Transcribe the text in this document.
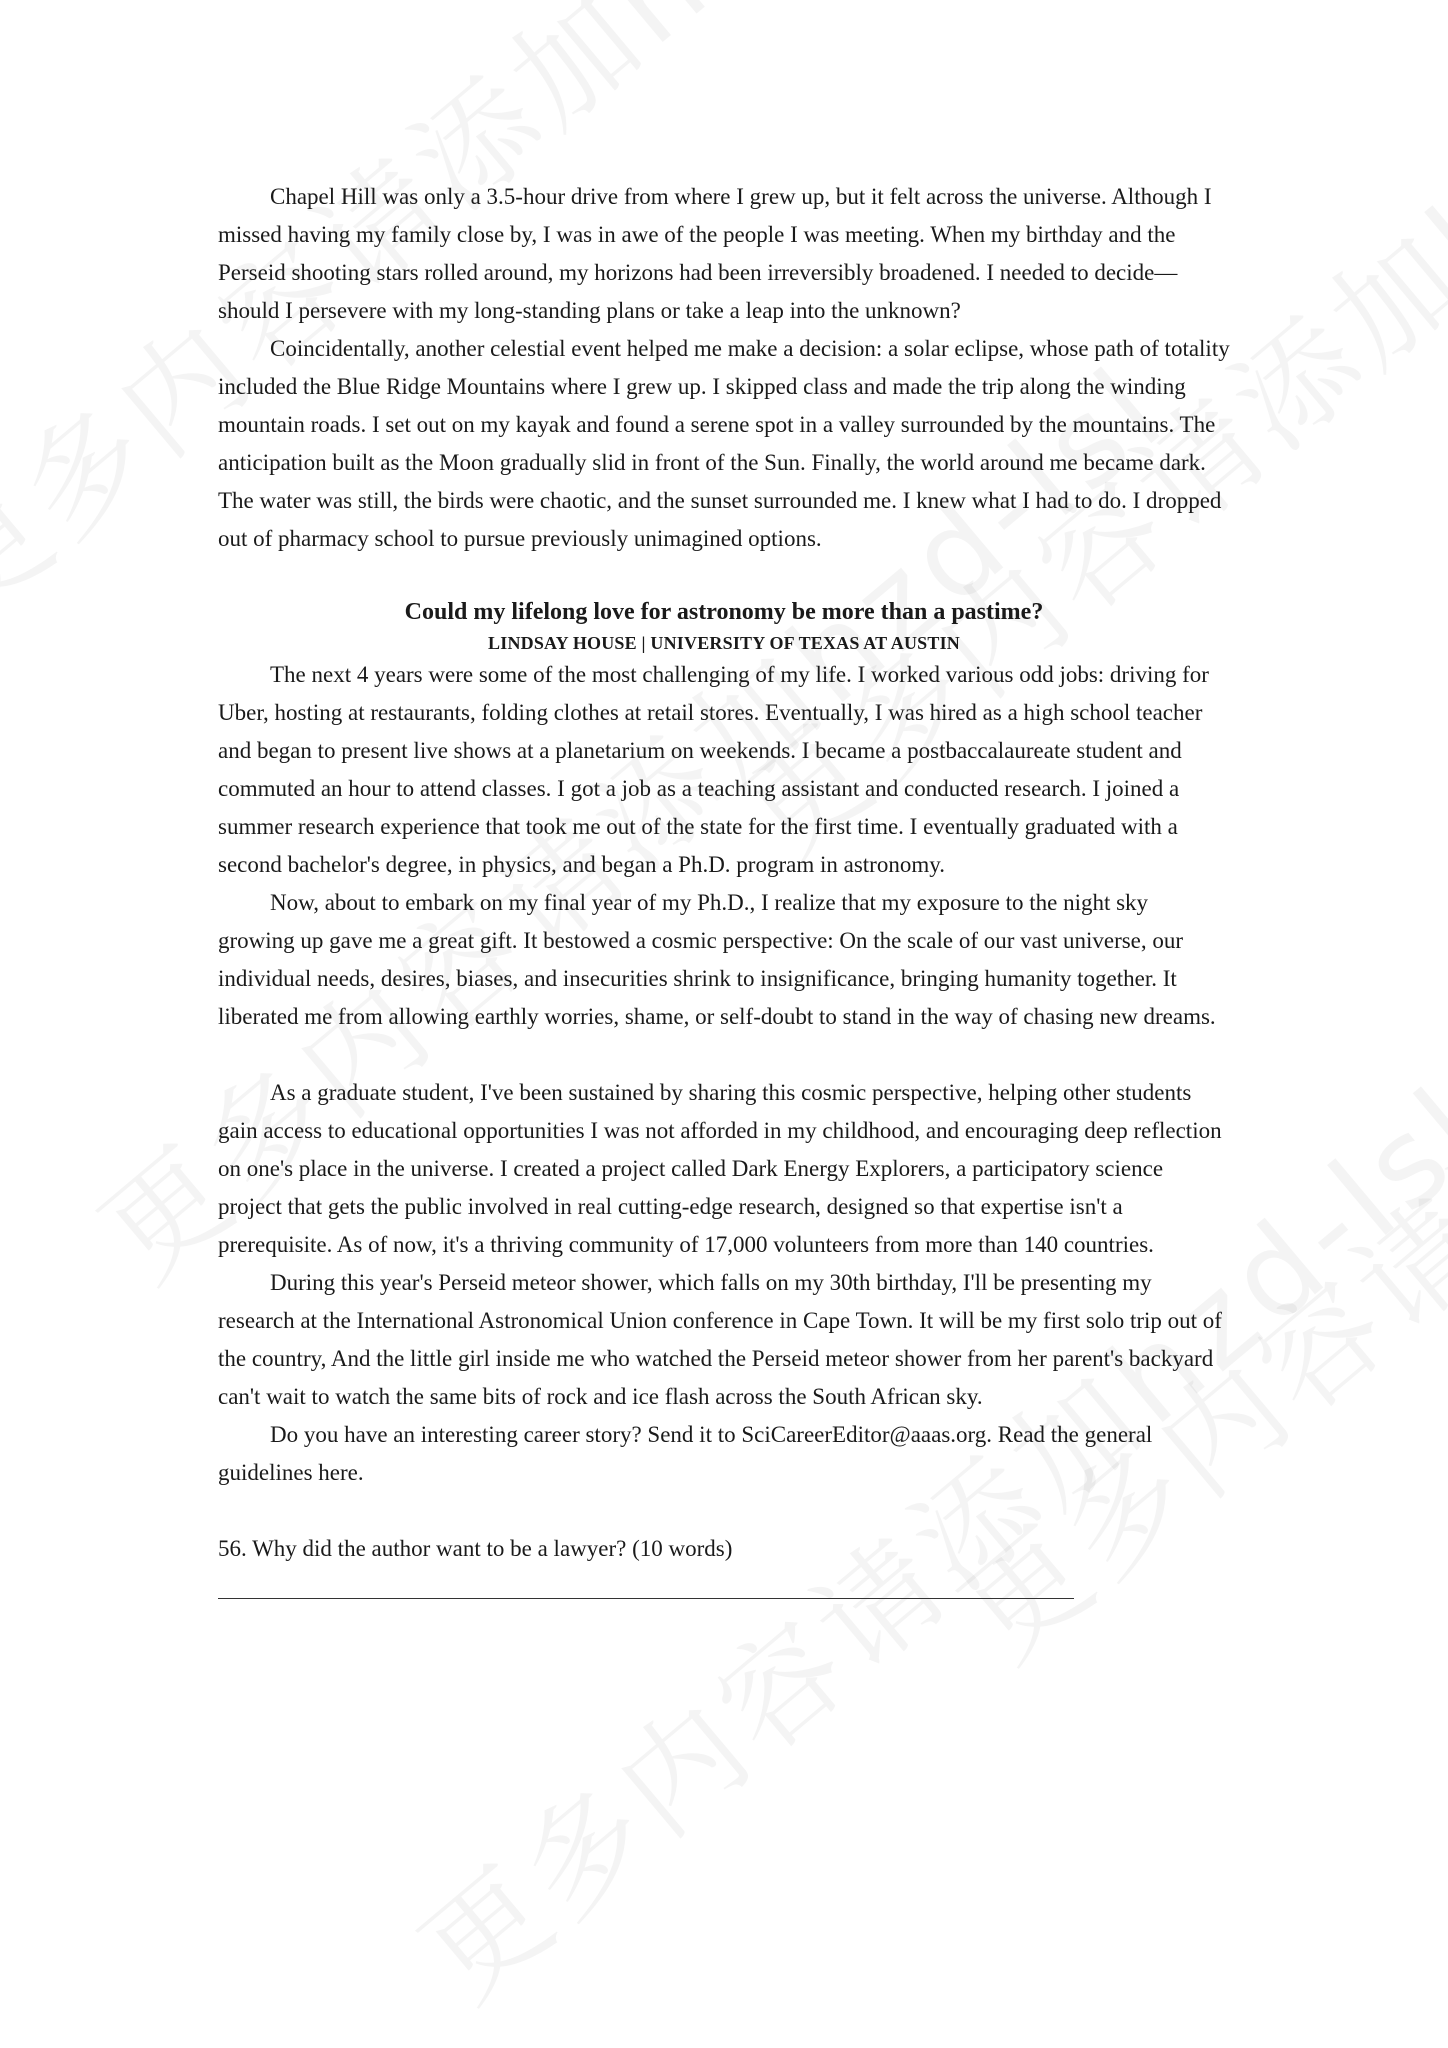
Chapel Hill was only a 3.5-hour drive from where I grew up, but it felt across the universe. Although I missed having my family close by, I was in awe of the people I was meeting. When my birthday and the Perseid shooting stars rolled around, my horizons had been irreversibly broadened. I needed to decide—should I persevere with my long-standing plans or take a leap into the unknown?

Coincidentally, another celestial event helped me make a decision: a solar eclipse, whose path of totality included the Blue Ridge Mountains where I grew up. I skipped class and made the trip along the winding mountain roads. I set out on my kayak and found a serene spot in a valley surrounded by the mountains. The anticipation built as the Moon gradually slid in front of the Sun. Finally, the world around me became dark. The water was still, the birds were chaotic, and the sunset surrounded me. I knew what I had to do. I dropped out of pharmacy school to pursue previously unimagined options.

Could my lifelong love for astronomy be more than a pastime?

LINDSAY HOUSE | UNIVERSITY OF TEXAS AT AUSTIN

The next 4 years were some of the most challenging of my life. I worked various odd jobs: driving for Uber, hosting at restaurants, folding clothes at retail stores. Eventually, I was hired as a high school teacher and began to present live shows at a planetarium on weekends. I became a postbaccalaureate student and commuted an hour to attend classes. I got a job as a teaching assistant and conducted research. I joined a summer research experience that took me out of the state for the first time. I eventually graduated with a second bachelor's degree, in physics, and began a Ph.D. program in astronomy.

Now, about to embark on my final year of my Ph.D., I realize that my exposure to the night sky growing up gave me a great gift. It bestowed a cosmic perspective: On the scale of our vast universe, our individual needs, desires, biases, and insecurities shrink to insignificance, bringing humanity together. It liberated me from allowing earthly worries, shame, or self-doubt to stand in the way of chasing new dreams.

As a graduate student, I've been sustained by sharing this cosmic perspective, helping other students gain access to educational opportunities I was not afforded in my childhood, and encouraging deep reflection on one's place in the universe. I created a project called Dark Energy Explorers, a participatory science project that gets the public involved in real cutting-edge research, designed so that expertise isn't a prerequisite. As of now, it's a thriving community of 17,000 volunteers from more than 140 countries.

During this year's Perseid meteor shower, which falls on my 30th birthday, I'll be presenting my research at the International Astronomical Union conference in Cape Town. It will be my first solo trip out of the country, And the little girl inside me who watched the Perseid meteor shower from her parent's backyard can't wait to watch the same bits of rock and ice flash across the South African sky.

Do you have an interesting career story? Send it to SciCareerEditor@aaas.org. Read the general guidelines here.

56. Why did the author want to be a lawyer? (10 words)
